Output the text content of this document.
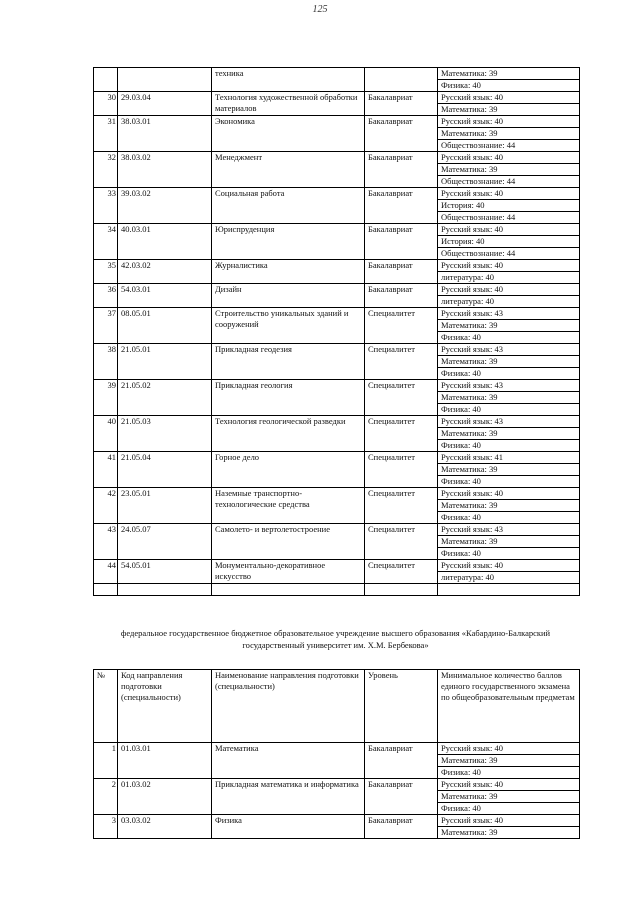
125
		техника		Математика: 39
				Физика: 40
30	29.03.04	Технология художественной обработки материалов	Бакалавриат	Русский язык: 40
				Математика: 39
31	38.03.01	Экономика	Бакалавриат	Русский язык: 40
				Математика: 39
				Обществознание: 44
32	38.03.02	Менеджмент	Бакалавриат	Русский язык: 40
				Математика: 39
				Обществознание: 44
33	39.03.02	Социальная работа	Бакалавриат	Русский язык: 40
				История: 40
				Обществознание: 44
34	40.03.01	Юриспруденция	Бакалавриат	Русский язык: 40
				История: 40
				Обществознание: 44
35	42.03.02	Журналистика	Бакалавриат	Русский язык: 40
				литература: 40
36	54.03.01	Дизайн	Бакалавриат	Русский язык: 40
				литература: 40
37	08.05.01	Строительство уникальных зданий и сооружений	Специалитет	Русский язык: 43
				Математика: 39
				Физика: 40
38	21.05.01	Прикладная геодезия	Специалитет	Русский язык: 43
				Математика: 39
				Физика: 40
39	21.05.02	Прикладная геология	Специалитет	Русский язык: 43
				Математика: 39
				Физика: 40
40	21.05.03	Технология геологической разведки	Специалитет	Русский язык: 43
				Математика: 39
				Физика: 40
41	21.05.04	Горное дело	Специалитет	Русский язык: 41
				Математика: 39
				Физика: 40
42	23.05.01	Наземные транспортно-технологические средства	Специалитет	Русский язык: 40
				Математика: 39
				Физика: 40
43	24.05.07	Самолето- и вертолетостроение	Специалитет	Русский язык: 43
				Математика: 39
				Физика: 40
44	54.05.01	Монументально-декоративное искусство	Специалитет	Русский язык: 40
				литература: 40

федеральное государственное бюджетное образовательное учреждение высшего образования «Кабардино-Балкарский государственный университет им. Х.М. Бербекова»
№	Код направления подготовки (специальности)	Наименование направления подготовки (специальности)	Уровень	Минимальное количество баллов единого государственного экзамена по общеобразовательным предметам
1	01.03.01	Математика	Бакалавриат	Русский язык: 40
				Математика: 39
				Физика: 40
2	01.03.02	Прикладная математика и информатика	Бакалавриат	Русский язык: 40
				Математика: 39
				Физика: 40
3	03.03.02	Физика	Бакалавриат	Русский язык: 40
				Математика: 39
